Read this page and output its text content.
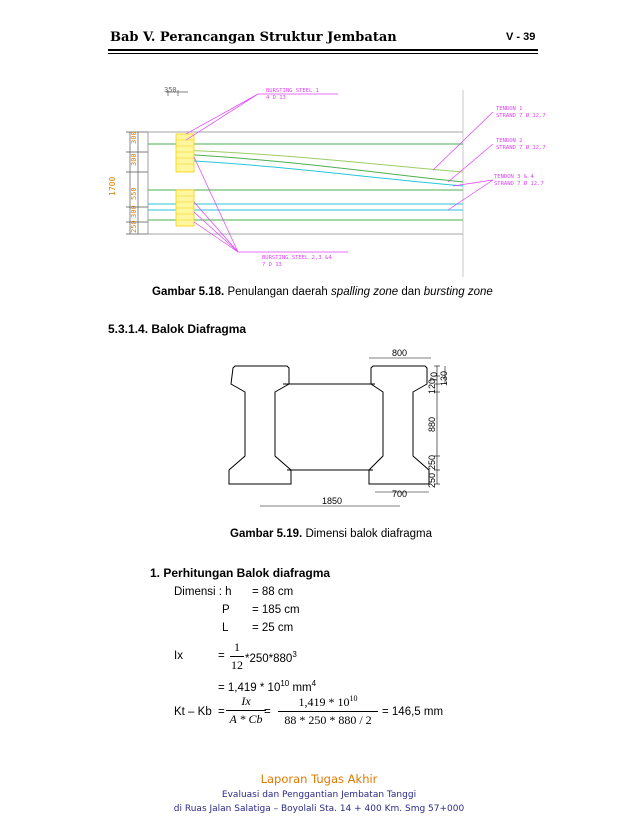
Bab V. Perancangan Struktur Jembatan	V - 39
350
1700
300
300
550
300
250
BURSTING STEEL 1
4 D 13
BURSTING STEEL 2,3 &4
7 D 13
TENDON 1
STRAND 7 Ø 12.7
TENDON 2
STRAND 7 Ø 12.7
TENDON 3 & 4
STRAND 7 Ø 12.7
Gambar 5.18. Penulangan daerah spalling zone dan bursting zone
5.3.1.4. Balok Diafragma
800
70
120
130
880
250
250
700
1850
Gambar 5.19. Dimensi balok diafragma
1. Perhitungan Balok diafragma
Dimensi : h = 88 cm
P = 185 cm
L = 25 cm
Ix	=
1
12 $*250*880^3$
= $1,419 * 10^{10}$ $mm^4$
Kt – Kb =
Ix
A * Cb =
$1,419 * 10^{10}$
88 * 250 * 880 / 2
= 146,5 mm
Laporan Tugas Akhir
Evaluasi dan Penggantian Jembatan Tanggi
di Ruas Jalan Salatiga – Boyolali Sta. 14 + 400 Km. Smg 57+000
